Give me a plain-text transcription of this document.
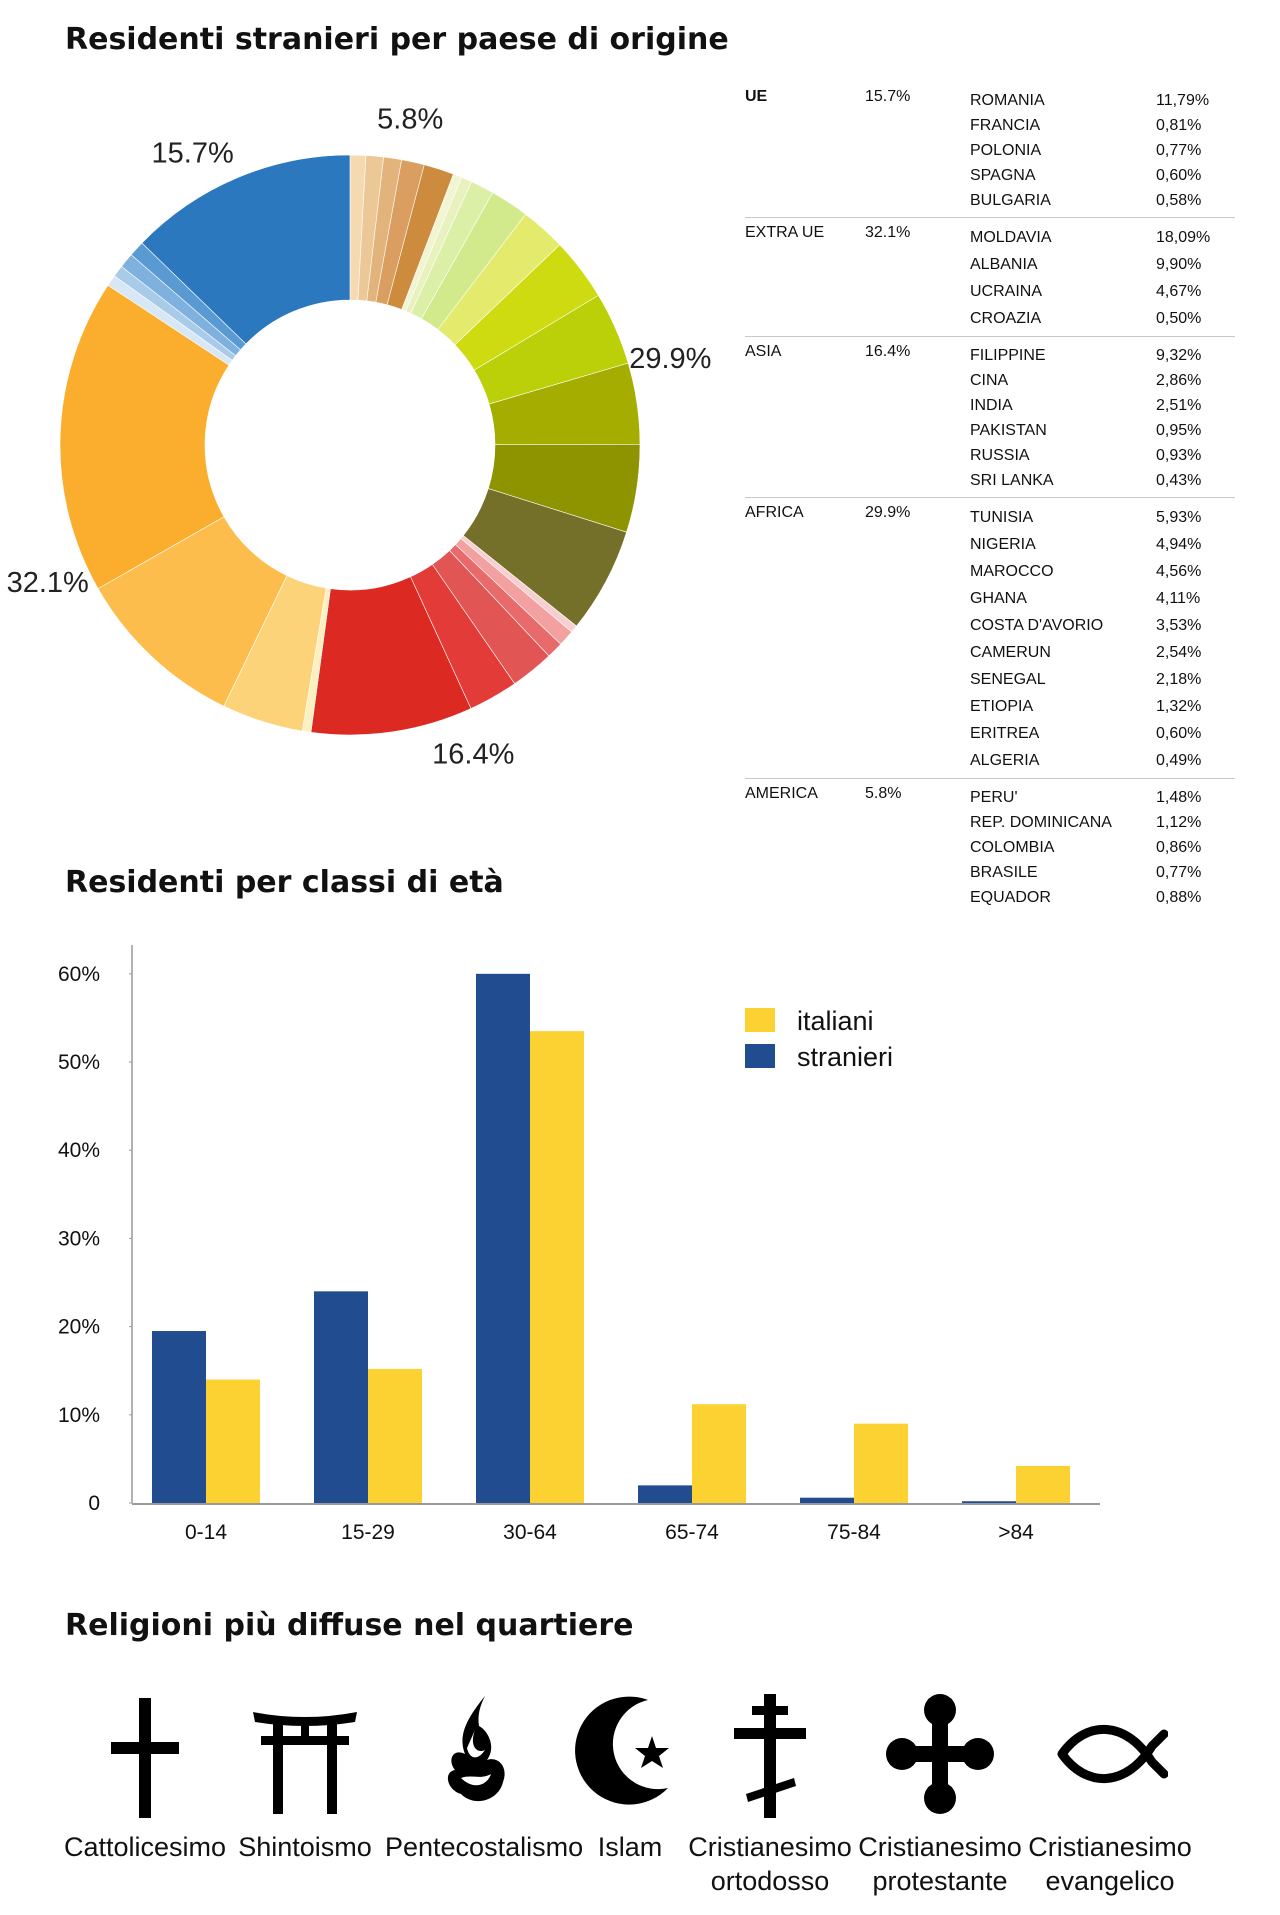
Residenti stranieri per paese di origine
5.8%
29.9%
16.4%
32.1%
15.7%
UE	15.7%	ROMANIA	11,79%
FRANCIA	0,81%
POLONIA	0,77%
SPAGNA	0,60%
BULGARIA	0,58%
EXTRA UE	32.1%	MOLDAVIA	18,09%
ALBANIA	9,90%
UCRAINA	4,67%
CROAZIA	0,50%
ASIA	16.4%	FILIPPINE	9,32%
CINA	2,86%
INDIA	2,51%
PAKISTAN	0,95%
RUSSIA	0,93%
SRI LANKA	0,43%
AFRICA	29.9%	TUNISIA	5,93%
NIGERIA	4,94%
MAROCCO	4,56%
GHANA	4,11%
COSTA D'AVORIO	3,53%
CAMERUN	2,54%
SENEGAL	2,18%
ETIOPIA	1,32%
ERITREA	0,60%
ALGERIA	0,49%
AMERICA	5.8%	PERU'	1,48%
REP. DOMINICANA	1,12%
COLOMBIA	0,86%
BRASILE	0,77%
EQUADOR	0,88%
Residenti per classi di età
0
10%
20%
30%
40%
50%
60%
0-14	15-29	30-64	65-74	75-84	>84
italiani
stranieri
Religioni più diffuse nel quartiere
Cattolicesimo Shintoismo Pentecostalismo Islam Cristianesimo
ortodosso
Cristianesimo
protestante
Cristianesimo
evangelico
